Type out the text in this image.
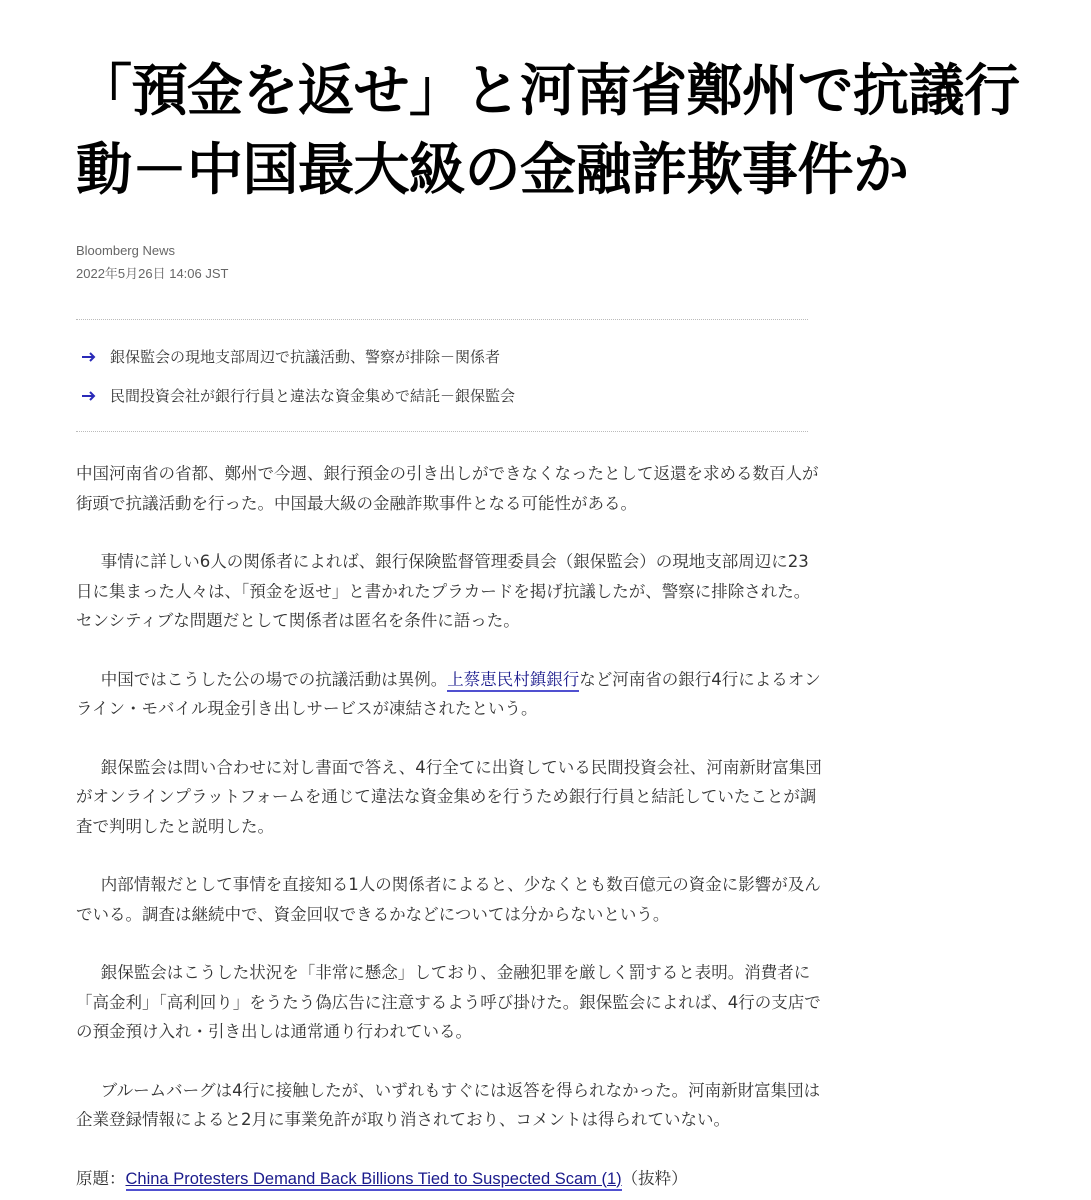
「預金を返せ」と河南省鄭州で抗議行
動－中国最大級の金融詐欺事件か
Bloomberg News
2022年5月26日 14:06 JST
銀保監会の現地支部周辺で抗議活動、警察が排除－関係者
民間投資会社が銀行行員と違法な資金集めで結託－銀保監会

中国河南省の省都、鄭州で今週、銀行預金の引き出しができなくなったとして返還を求める数百人が街頭で抗議活動を行った。中国最大級の金融詐欺事件となる可能性がある。

事情に詳しい6人の関係者によれば、銀行保険監督管理委員会（銀保監会）の現地支部周辺に23日に集まった人々は、「預金を返せ」と書かれたプラカードを掲げ抗議したが、警察に排除された。センシティブな問題だとして関係者は匿名を条件に語った。

中国ではこうした公の場での抗議活動は異例。上蔡恵民村鎮銀行など河南省の銀行4行によるオンライン・モバイル現金引き出しサービスが凍結されたという。

銀保監会は問い合わせに対し書面で答え、4行全てに出資している民間投資会社、河南新財富集団がオンラインプラットフォームを通じて違法な資金集めを行うため銀行行員と結託していたことが調査で判明したと説明した。

内部情報だとして事情を直接知る1人の関係者によると、少なくとも数百億元の資金に影響が及んでいる。調査は継続中で、資金回収できるかなどについては分からないという。

銀保監会はこうした状況を「非常に懸念」しており、金融犯罪を厳しく罰すると表明。消費者に「高金利」「高利回り」をうたう偽広告に注意するよう呼び掛けた。銀保監会によれば、4行の支店での預金預け入れ・引き出しは通常通り行われている。

ブルームバーグは4行に接触したが、いずれもすぐには返答を得られなかった。河南新財富集団は企業登録情報によると2月に事業免許が取り消されており、コメントは得られていない。

原題：China Protesters Demand Back Billions Tied to Suspected Scam (1)（抜粋）
